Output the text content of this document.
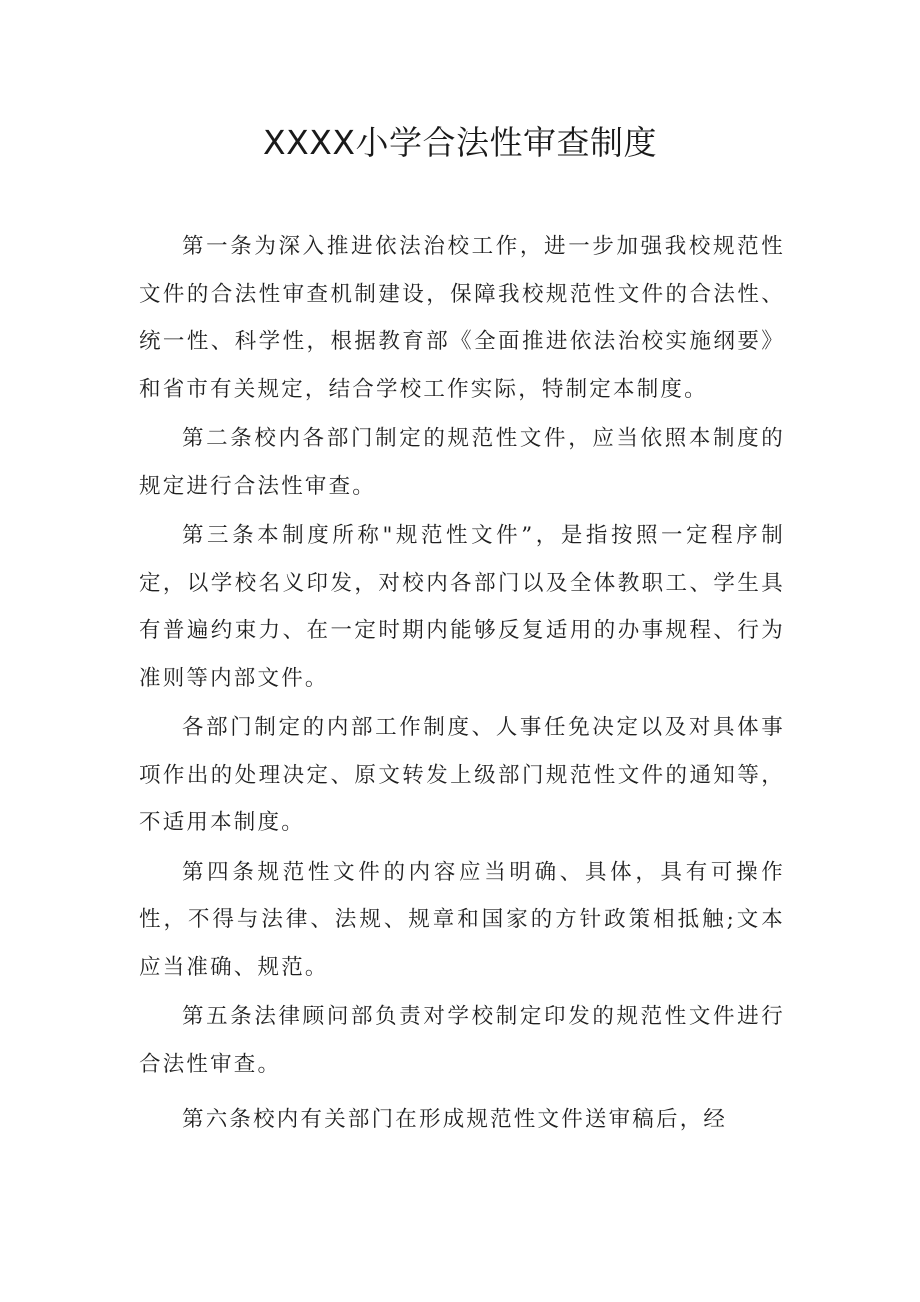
XXXX小学合法性审查制度

第一条为深入推进依法治校工作，进一步加强我校规范性文件的合法性审查机制建设，保障我校规范性文件的合法性、统一性、科学性，根据教育部《全面推进依法治校实施纲要》和省市有关规定，结合学校工作实际，特制定本制度。

第二条校内各部门制定的规范性文件，应当依照本制度的规定进行合法性审查。

第三条本制度所称"规范性文件”，是指按照一定程序制定，以学校名义印发，对校内各部门以及全体教职工、学生具有普遍约束力、在一定时期内能够反复适用的办事规程、行为准则等内部文件。

各部门制定的内部工作制度、人事任免决定以及对具体事项作出的处理决定、原文转发上级部门规范性文件的通知等，不适用本制度。

第四条规范性文件的内容应当明确、具体，具有可操作性，不得与法律、法规、规章和国家的方针政策相抵触;文本应当准确、规范。

第五条法律顾问部负责对学校制定印发的规范性文件进行合法性审查。

第六条校内有关部门在形成规范性文件送审稿后，经
